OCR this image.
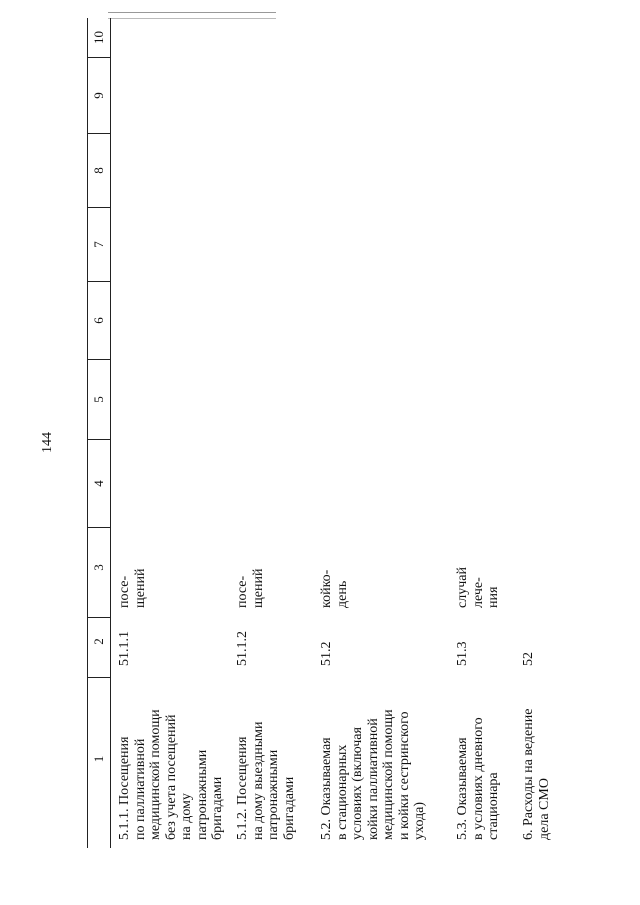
144
1
2
3
4
5
6
7
8
9
10
5.1.1. Посещения
по паллиативной
медицинской помощи
без учета посещений
на дому
патронажными
бригадами
51.1.1
посе-
щений
5.1.2. Посещения
на дому выездными
патронажными
бригадами
51.1.2
посе-
щений
5.2. Оказываемая
в стационарных
условиях (включая
койки паллиативной
медицинской помощи
и койки сестринского
ухода)
51.2
койко-
день
5.3. Оказываемая
в условиях дневного
стационара
51.3
случай
лече-
ния
6. Расходы на ведение
дела СМО
52
